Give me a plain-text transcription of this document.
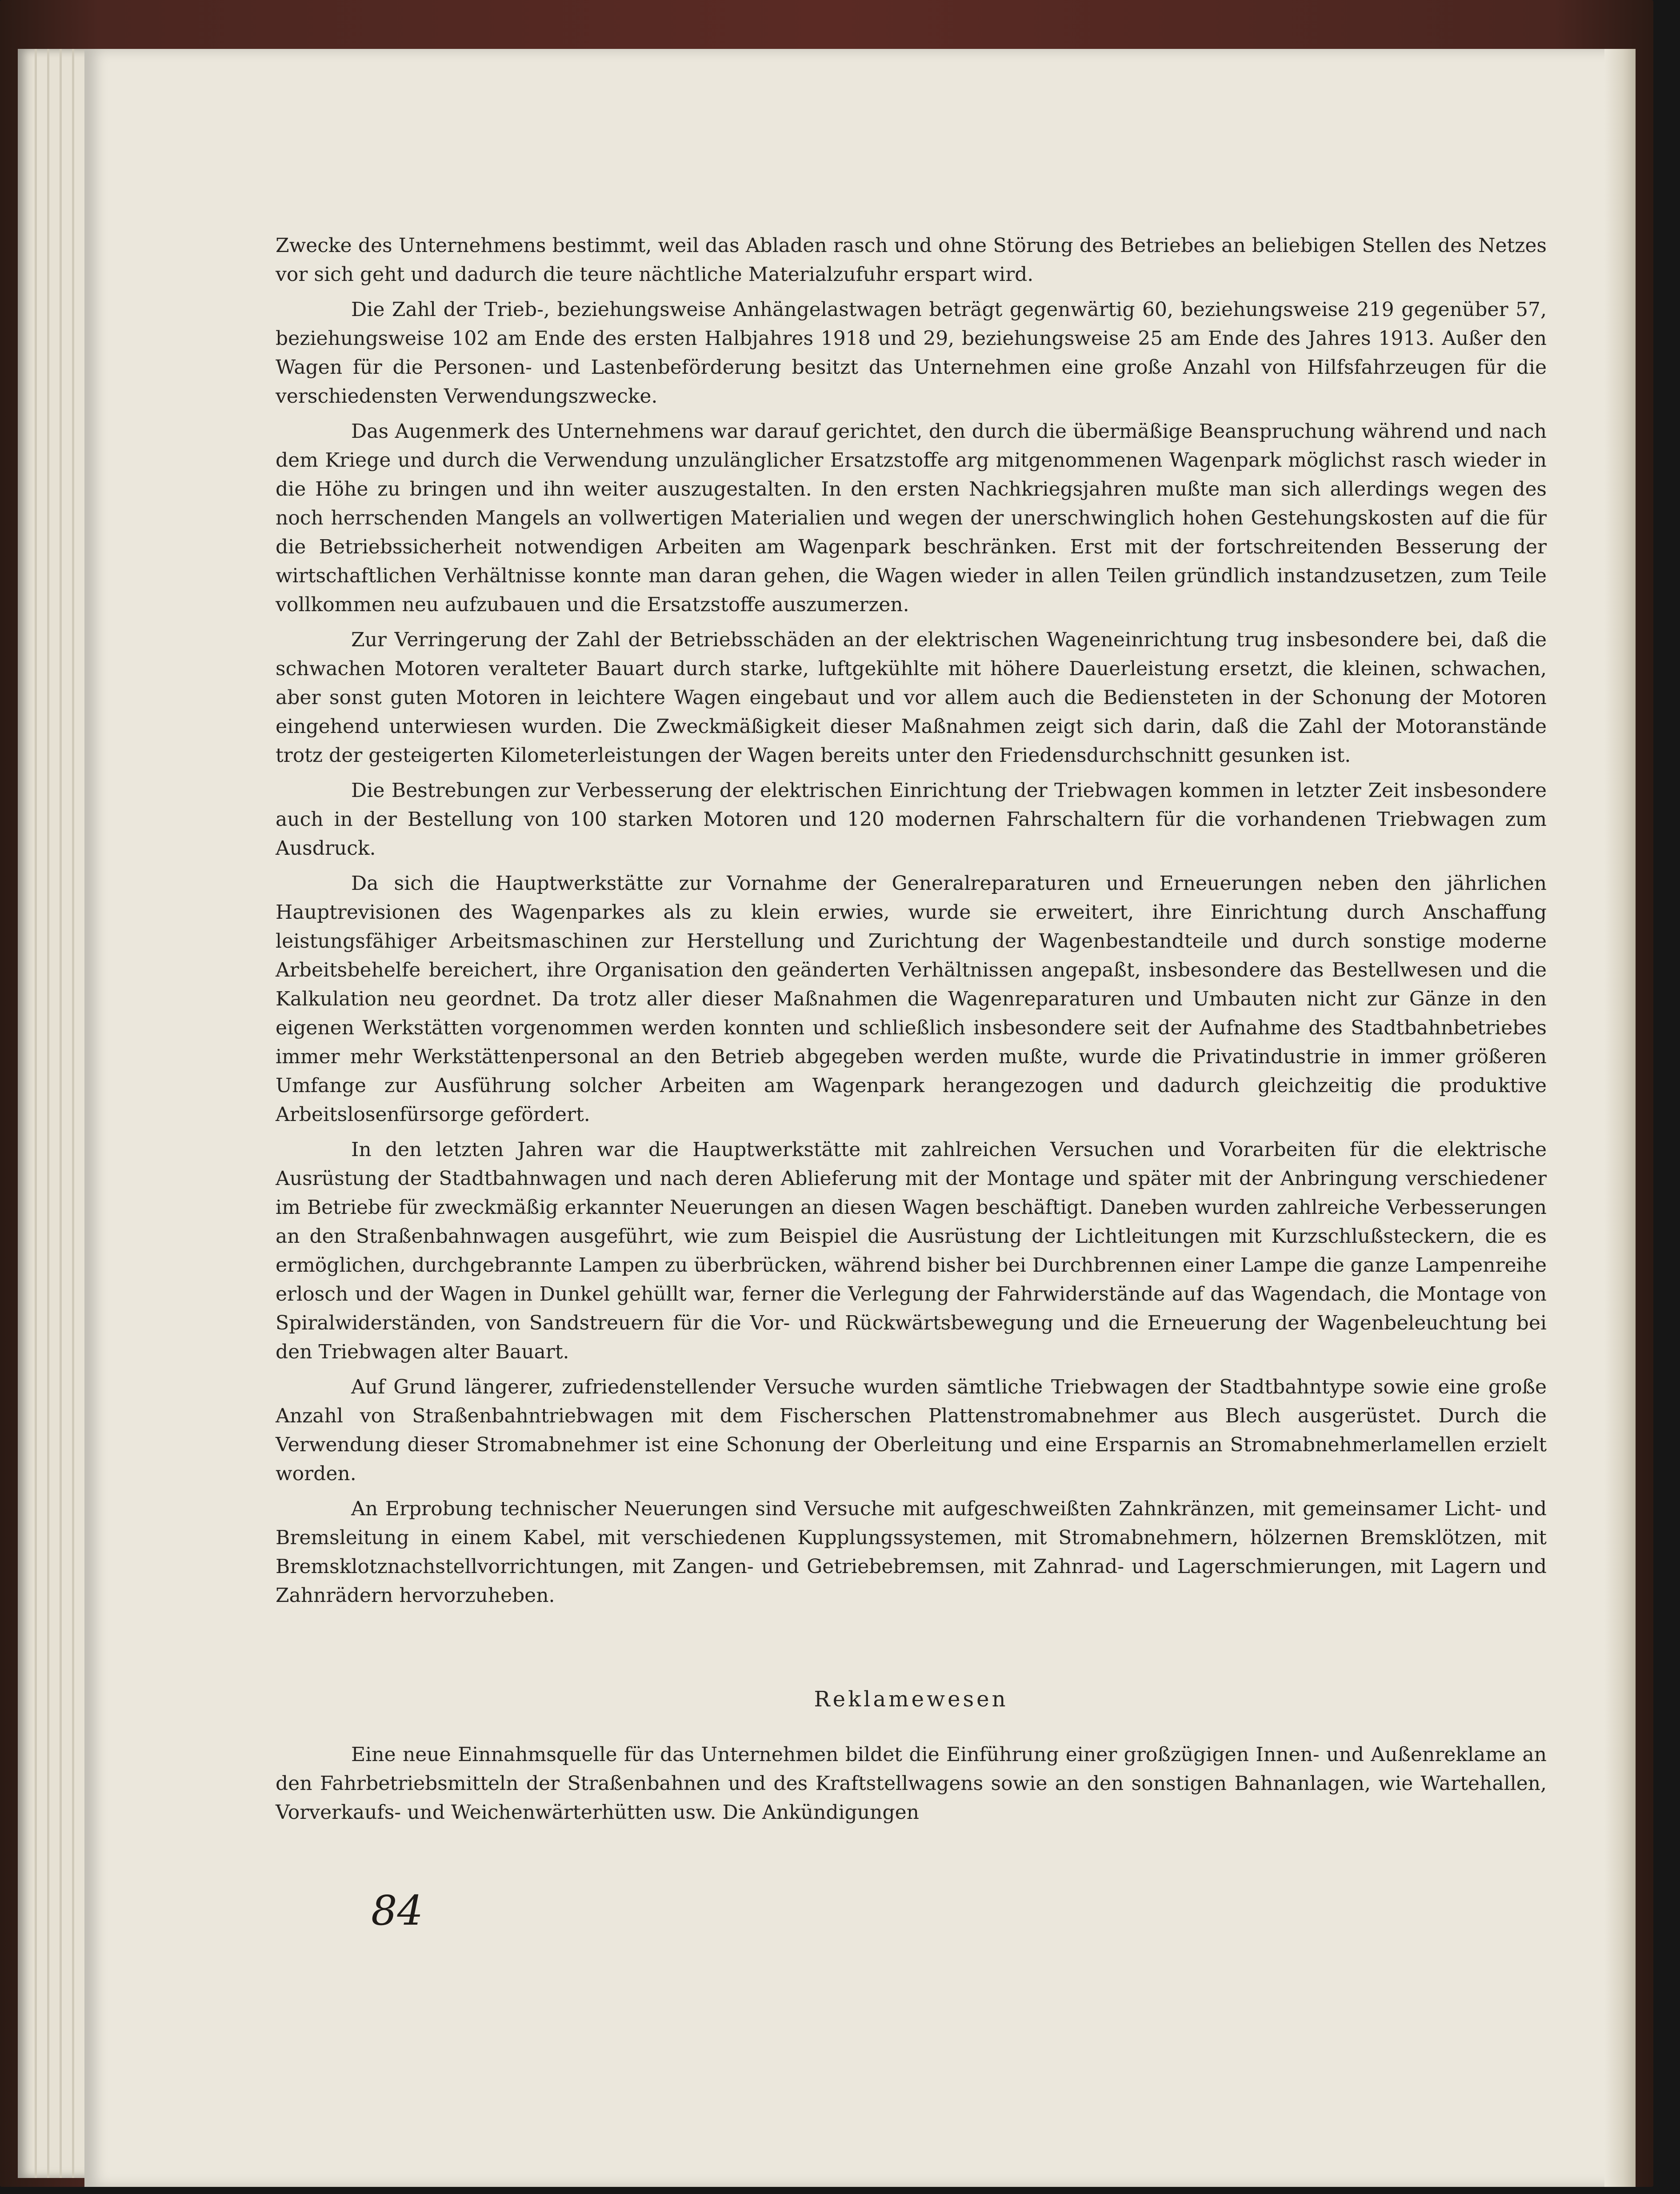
Zwecke des Unternehmens bestimmt, weil das Abladen rasch und ohne Störung des Betriebes an beliebigen Stellen des Netzes vor sich geht und dadurch die teure nächtliche Materialzufuhr erspart wird.

Die Zahl der Trieb-, beziehungsweise Anhängelastwagen beträgt gegenwärtig 60, beziehungsweise 219 gegenüber 57, beziehungsweise 102 am Ende des ersten Halbjahres 1918 und 29, beziehungsweise 25 am Ende des Jahres 1913. Außer den Wagen für die Personen- und Lastenbeförderung besitzt das Unternehmen eine große Anzahl von Hilfsfahrzeugen für die verschiedensten Verwendungszwecke.

Das Augenmerk des Unternehmens war darauf gerichtet, den durch die übermäßige Beanspruchung während und nach dem Kriege und durch die Verwendung unzulänglicher Ersatzstoffe arg mitgenommenen Wagenpark möglichst rasch wieder in die Höhe zu bringen und ihn weiter auszugestalten. In den ersten Nachkriegsjahren mußte man sich allerdings wegen des noch herrschenden Mangels an vollwertigen Materialien und wegen der unerschwinglich hohen Gestehungskosten auf die für die Betriebssicherheit notwendigen Arbeiten am Wagenpark beschränken. Erst mit der fortschreitenden Besserung der wirtschaftlichen Verhältnisse konnte man daran gehen, die Wagen wieder in allen Teilen gründlich instandzusetzen, zum Teile vollkommen neu aufzubauen und die Ersatzstoffe auszumerzen.

Zur Verringerung der Zahl der Betriebsschäden an der elektrischen Wageneinrichtung trug insbesondere bei, daß die schwachen Motoren veralteter Bauart durch starke, luftgekühlte mit höhere Dauerleistung ersetzt, die kleinen, schwachen, aber sonst guten Motoren in leichtere Wagen eingebaut und vor allem auch die Bediensteten in der Schonung der Motoren eingehend unterwiesen wurden. Die Zweckmäßigkeit dieser Maßnahmen zeigt sich darin, daß die Zahl der Motoranstände trotz der gesteigerten Kilometerleistungen der Wagen bereits unter den Friedensdurchschnitt gesunken ist.

Die Bestrebungen zur Verbesserung der elektrischen Einrichtung der Triebwagen kommen in letzter Zeit insbesondere auch in der Bestellung von 100 starken Motoren und 120 modernen Fahrschaltern für die vorhandenen Triebwagen zum Ausdruck.

Da sich die Hauptwerkstätte zur Vornahme der Generalreparaturen und Erneuerungen neben den jährlichen Hauptrevisionen des Wagenparkes als zu klein erwies, wurde sie erweitert, ihre Einrichtung durch Anschaffung leistungsfähiger Arbeitsmaschinen zur Herstellung und Zurichtung der Wagenbestandteile und durch sonstige moderne Arbeitsbehelfe bereichert, ihre Organisation den geänderten Verhältnissen angepaßt, insbesondere das Bestellwesen und die Kalkulation neu geordnet. Da trotz aller dieser Maßnahmen die Wagenreparaturen und Umbauten nicht zur Gänze in den eigenen Werkstätten vorgenommen werden konnten und schließlich insbesondere seit der Aufnahme des Stadtbahnbetriebes immer mehr Werkstättenpersonal an den Betrieb abgegeben werden mußte, wurde die Privatindustrie in immer größeren Umfange zur Ausführung solcher Arbeiten am Wagenpark herangezogen und dadurch gleichzeitig die produktive Arbeitslosenfürsorge gefördert.

In den letzten Jahren war die Hauptwerkstätte mit zahlreichen Versuchen und Vorarbeiten für die elektrische Ausrüstung der Stadtbahnwagen und nach deren Ablieferung mit der Montage und später mit der Anbringung verschiedener im Betriebe für zweckmäßig erkannter Neuerungen an diesen Wagen beschäftigt. Daneben wurden zahlreiche Verbesserungen an den Straßenbahnwagen ausgeführt, wie zum Beispiel die Ausrüstung der Lichtleitungen mit Kurzschlußsteckern, die es ermöglichen, durchgebrannte Lampen zu überbrücken, während bisher bei Durchbrennen einer Lampe die ganze Lampenreihe erlosch und der Wagen in Dunkel gehüllt war, ferner die Verlegung der Fahrwiderstände auf das Wagendach, die Montage von Spiralwiderständen, von Sandstreuern für die Vor- und Rückwärtsbewegung und die Erneuerung der Wagenbeleuchtung bei den Triebwagen alter Bauart.

Auf Grund längerer, zufriedenstellender Versuche wurden sämtliche Triebwagen der Stadtbahntype sowie eine große Anzahl von Straßenbahntriebwagen mit dem Fischerschen Plattenstromabnehmer aus Blech ausgerüstet. Durch die Verwendung dieser Stromabnehmer ist eine Schonung der Oberleitung und eine Ersparnis an Stromabnehmerlamellen erzielt worden.

An Erprobung technischer Neuerungen sind Versuche mit aufgeschweißten Zahnkränzen, mit gemeinsamer Licht- und Bremsleitung in einem Kabel, mit verschiedenen Kupplungssystemen, mit Stromabnehmern, hölzernen Bremsklötzen, mit Bremsklotznachstellvorrichtungen, mit Zangen- und Getriebebremsen, mit Zahnrad- und Lagerschmierungen, mit Lagern und Zahnrädern hervorzuheben.

Reklamewesen

Eine neue Einnahmsquelle für das Unternehmen bildet die Einführung einer großzügigen Innen- und Außenreklame an den Fahrbetriebsmitteln der Straßenbahnen und des Kraftstellwagens sowie an den sonstigen Bahnanlagen, wie Wartehallen, Vorverkaufs- und Weichenwärterhütten usw. Die Ankündigungen

84
